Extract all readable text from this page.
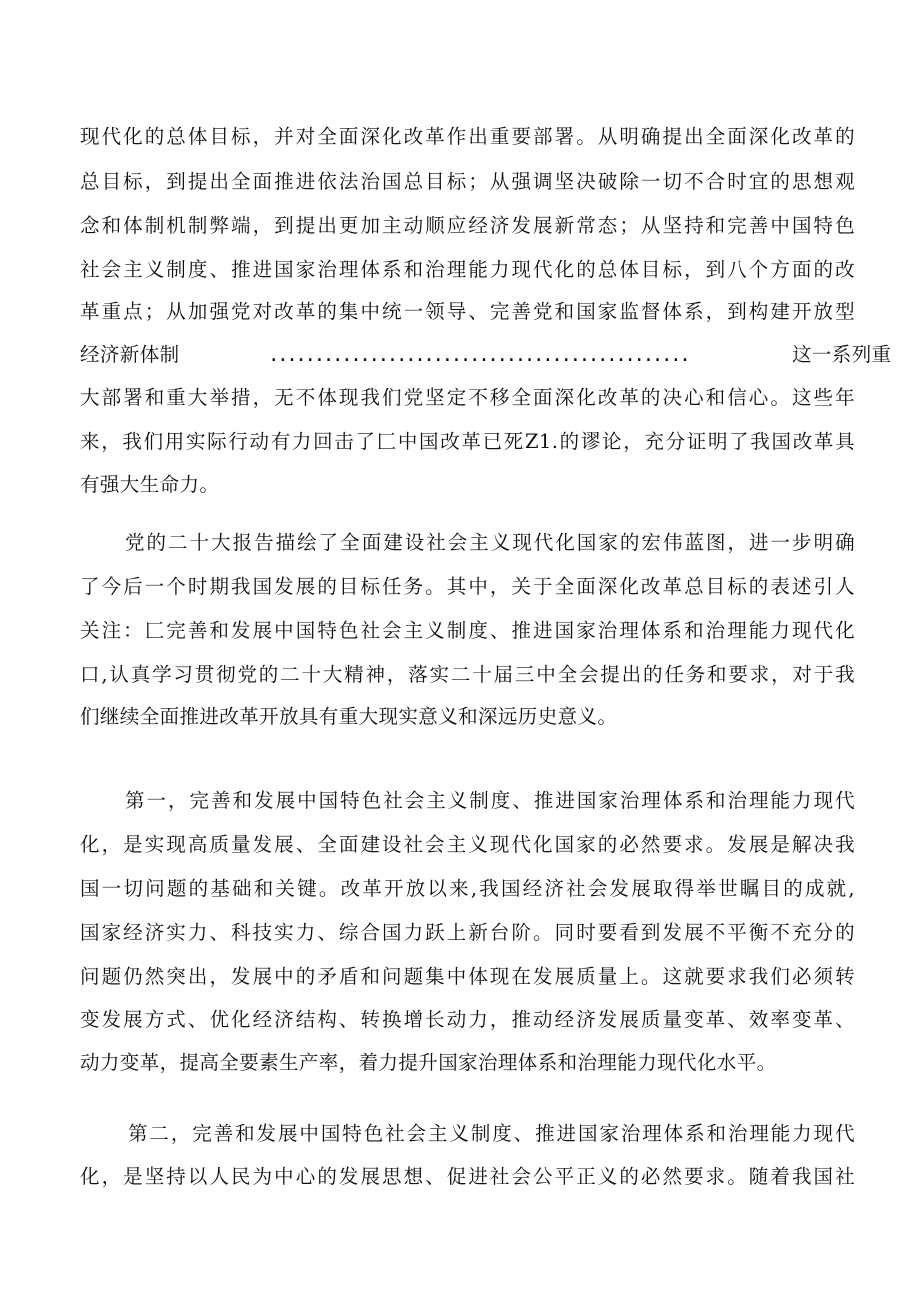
现代化的总体目标，并对全面深化改革作出重要部署。从明确提出全面深化改革的
总目标，到提出全面推进依法治国总目标；从强调坚决破除一切不合时宜的思想观
念和体制机制弊端，到提出更加主动顺应经济发展新常态；从坚持和完善中国特色
社会主义制度、推进国家治理体系和治理能力现代化的总体目标，到八个方面的改
革重点；从加强党对改革的集中统一领导、完善党和国家监督体系，到构建开放型
经济新体制	..............................................	这一系列重
大部署和重大举措，无不体现我们党坚定不移全面深化改革的决心和信心。这些年
来，我们用实际行动有力回击了匚中国改革已死Z1.的谬论，充分证明了我国改革具
有强大生命力。
党的二十大报告描绘了全面建设社会主义现代化国家的宏伟蓝图，进一步明确
了今后一个时期我国发展的目标任务。其中，关于全面深化改革总目标的表述引人
关注：匚完善和发展中国特色社会主义制度、推进国家治理体系和治理能力现代化
口,认真学习贯彻党的二十大精神，落实二十届三中全会提出的任务和要求，对于我
们继续全面推进改革开放具有重大现实意义和深远历史意义。
第一，完善和发展中国特色社会主义制度、推进国家治理体系和治理能力现代
化，是实现高质量发展、全面建设社会主义现代化国家的必然要求。发展是解决我
国一切问题的基础和关键。改革开放以来,我国经济社会发展取得举世瞩目的成就,
国家经济实力、科技实力、综合国力跃上新台阶。同时要看到发展不平衡不充分的
问题仍然突出，发展中的矛盾和问题集中体现在发展质量上。这就要求我们必须转
变发展方式、优化经济结构、转换增长动力，推动经济发展质量变革、效率变革、
动力变革，提高全要素生产率，着力提升国家治理体系和治理能力现代化水平。
第二，完善和发展中国特色社会主义制度、推进国家治理体系和治理能力现代
化，是坚持以人民为中心的发展思想、促进社会公平正义的必然要求。随着我国社
